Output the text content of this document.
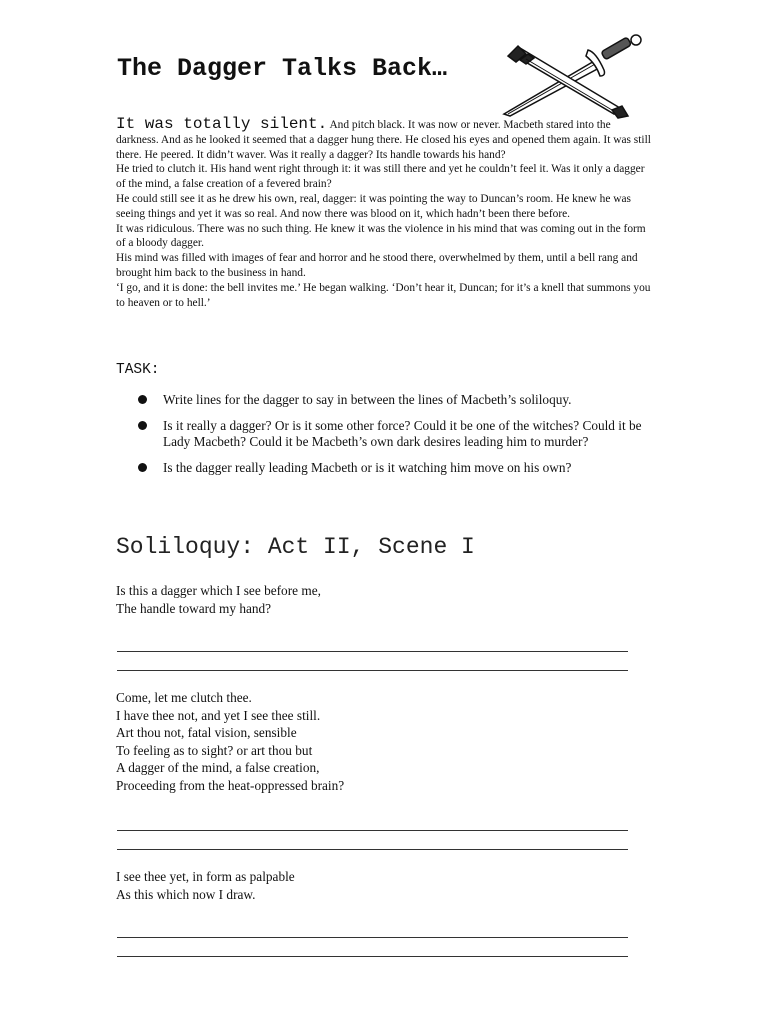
The Dagger Talks Back…

It was totally silent. And pitch black. It was now or never. Macbeth stared into the darkness. And as he looked it seemed that a dagger hung there. He closed his eyes and opened them again. It was still there. He peered. It didn’t waver. Was it really a dagger? Its handle towards his hand?

He tried to clutch it. His hand went right through it: it was still there and yet he couldn’t feel it. Was it only a dagger of the mind, a false creation of a fevered brain?

He could still see it as he drew his own, real, dagger: it was pointing the way to Duncan’s room. He knew he was seeing things and yet it was so real. And now there was blood on it, which hadn’t been there before.

It was ridiculous. There was no such thing. He knew it was the violence in his mind that was coming out in the form of a bloody dagger.

His mind was filled with images of fear and horror and he stood there, overwhelmed by them, until a bell rang and brought him back to the business in hand.

‘I go, and it is done: the bell invites me.’ He began walking. ‘Don’t hear it, Duncan; for it’s a knell that summons you to heaven or to hell.’

TASK:
Write lines for the dagger to say in between the lines of Macbeth’s soliloquy.
Is it really a dagger? Or is it some other force? Could it be one of the witches? Could it be Lady Macbeth? Could it be Macbeth’s own dark desires leading him to murder?
Is the dagger really leading Macbeth or is it watching him move on his own?
Soliloquy: Act II, Scene I
Is this a dagger which I see before me,
The handle toward my hand?
Come, let me clutch thee.
I have thee not, and yet I see thee still.
Art thou not, fatal vision, sensible
To feeling as to sight? or art thou but
A dagger of the mind, a false creation,
Proceeding from the heat-oppressed brain?
I see thee yet, in form as palpable
As this which now I draw.
